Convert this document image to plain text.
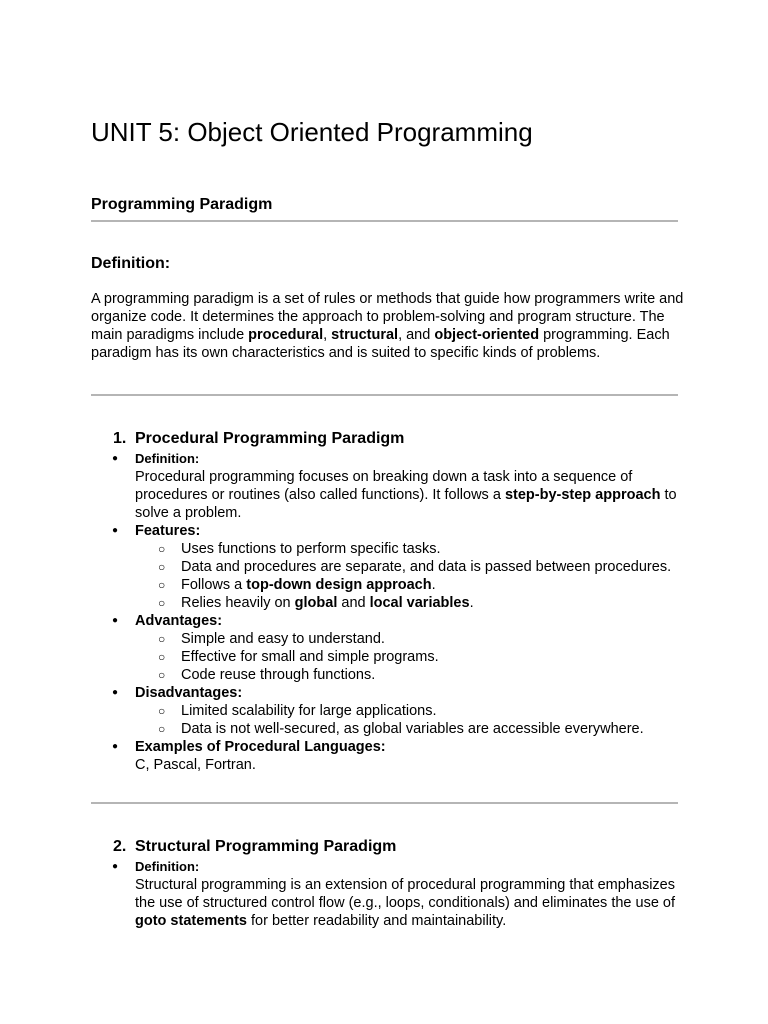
UNIT 5: Object Oriented Programming
Programming Paradigm
Definition:

A programming paradigm is a set of rules or methods that guide how programmers write and organize code. It determines the approach to problem-solving and program structure. The main paradigms include procedural, structural, and object-oriented programming. Each paradigm has its own characteristics and is suited to specific kinds of problems.

1. Procedural Programming Paradigm
● Definition:
Procedural programming focuses on breaking down a task into a sequence of procedures or routines (also called functions). It follows a step-by-step approach to solve a problem.
● Features:
○ Uses functions to perform specific tasks.
○ Data and procedures are separate, and data is passed between procedures.
○ Follows a top-down design approach.
○ Relies heavily on global and local variables.
● Advantages:
○ Simple and easy to understand.
○ Effective for small and simple programs.
○ Code reuse through functions.
● Disadvantages:
○ Limited scalability for large applications.
○ Data is not well-secured, as global variables are accessible everywhere.
● Examples of Procedural Languages:
C, Pascal, Fortran.
2. Structural Programming Paradigm
● Definition:
Structural programming is an extension of procedural programming that emphasizes the use of structured control flow (e.g., loops, conditionals) and eliminates the use of goto statements for better readability and maintainability.
